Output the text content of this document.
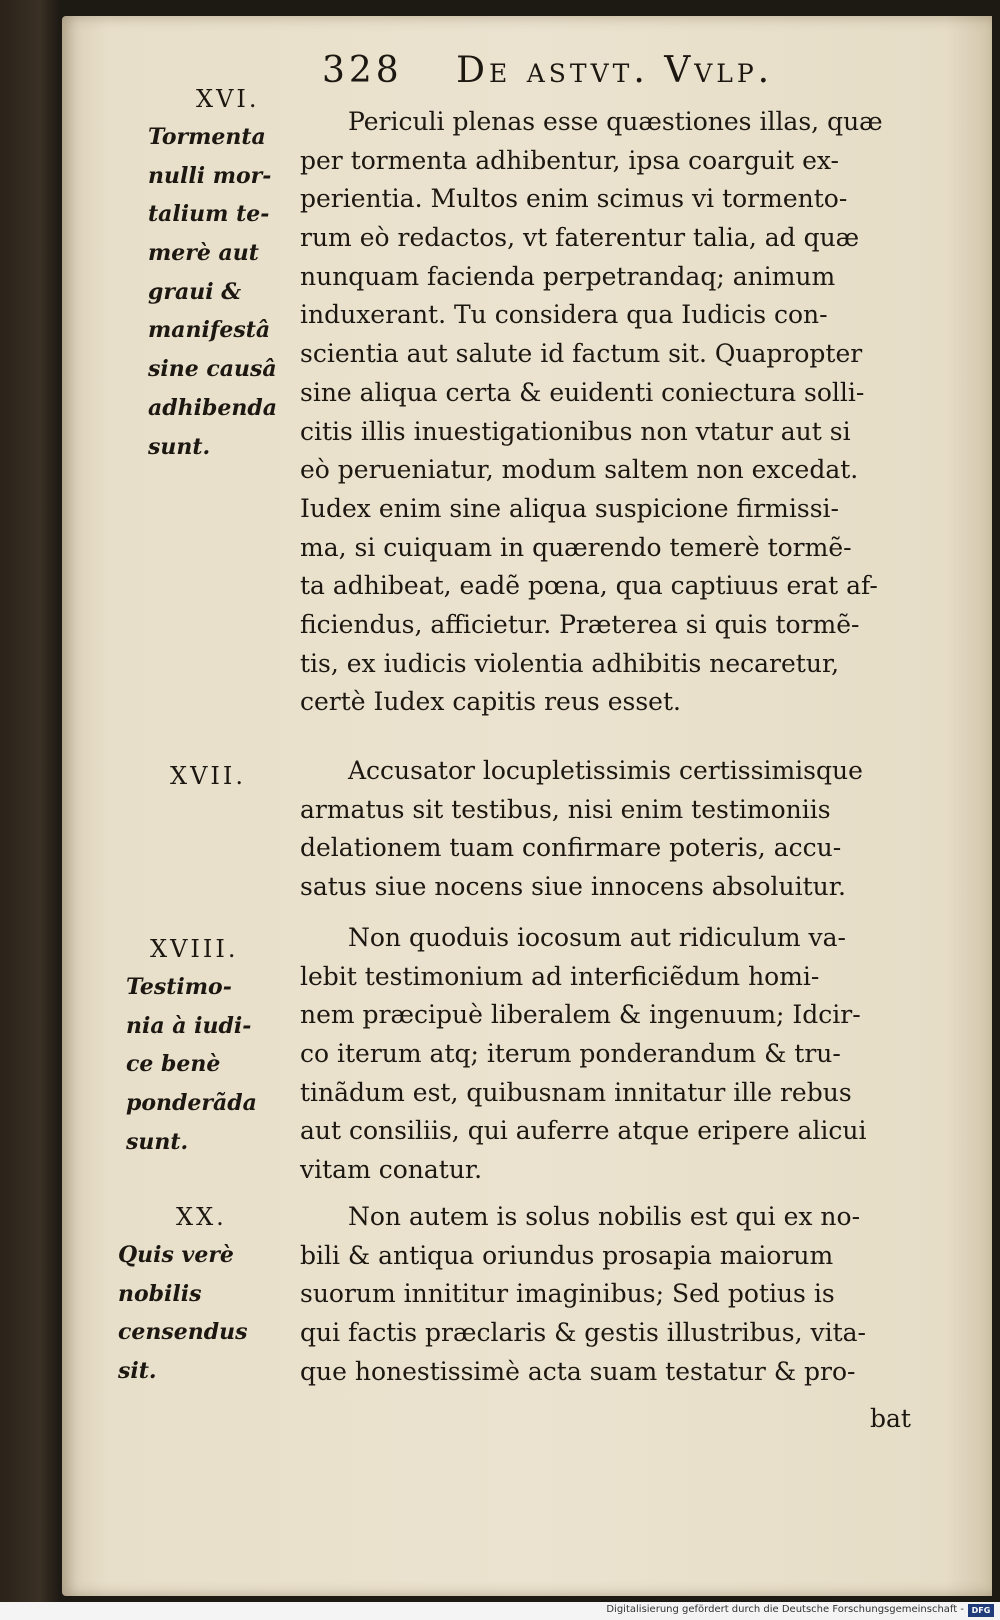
328 De astvt. Vvlp.
XVI.
Tormenta
nulli mor-
talium te-
merè aut
graui &
manifestâ
sine causâ
adhibenda
sunt.
XVII.
XVIII.
Testimo-
nia à iudi-
ce benè
ponderãda
sunt.
XX.
Quis verè
nobilis
censendus
sit.
Periculi plenas esse quæstiones illas, quæ
per tormenta adhibentur, ipsa coarguit ex-
perientia. Multos enim scimus vi tormento-
rum eò redactos, vt faterentur talia, ad quæ
nunquam facienda perpetrandaq; animum
induxerant. Tu considera qua Iudicis con-
scientia aut salute id factum sit. Quapropter
sine aliqua certa & euidenti coniectura solli-
citis illis inuestigationibus non vtatur aut si
eò perueniatur, modum saltem non excedat.
Iudex enim sine aliqua suspicione firmissi-
ma, si cuiquam in quærendo temerè tormẽ-
ta adhibeat, eadẽ pœna, qua captiuus erat af-
ficiendus, afficietur. Præterea si quis tormẽ-
tis, ex iudicis violentia adhibitis necaretur,
certè Iudex capitis reus esset.
Accusator locupletissimis certissimisque
armatus sit testibus, nisi enim testimoniis
delationem tuam confirmare poteris, accu-
satus siue nocens siue innocens absoluitur.
Non quoduis iocosum aut ridiculum va-
lebit testimonium ad interficiẽdum homi-
nem præcipuè liberalem & ingenuum; Idcir-
co iterum atq; iterum ponderandum & tru-
tinãdum est, quibusnam innitatur ille rebus
aut consiliis, qui auferre atque eripere alicui
vitam conatur.
Non autem is solus nobilis est qui ex no-
bili & antiqua oriundus prosapia maiorum
suorum innititur imaginibus; Sed potius is
qui factis præclaris & gestis illustribus, vita-
que honestissimè acta suam testatur & pro-
bat
Digitalisierung gefördert durch die Deutsche Forschungsgemeinschaft - DFG
